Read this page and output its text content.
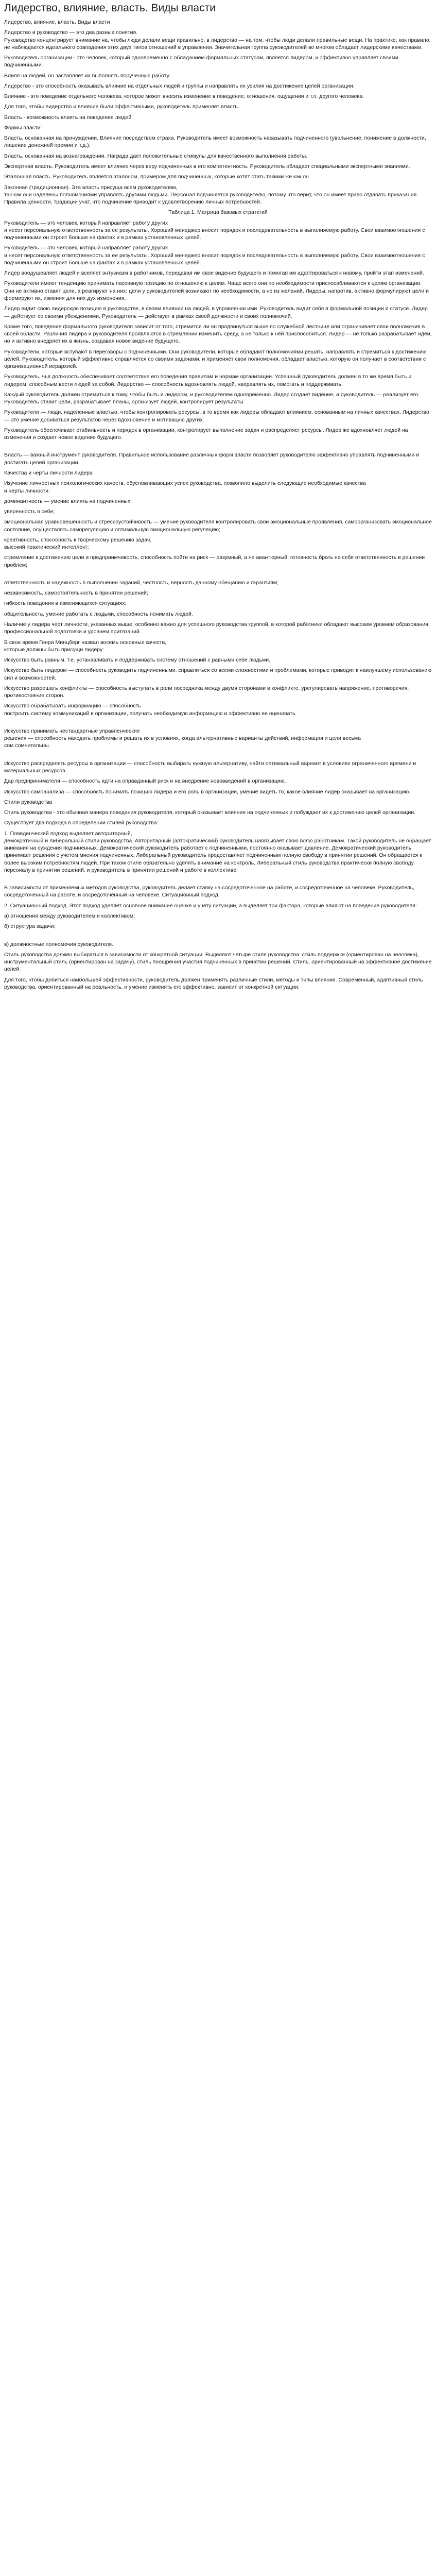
Лидерство, влияние, власть. Виды власти

Лидерство, влияние, власть. Виды власти

Лидерство и руководство — это два разных понятия.
Руководство концентрирует внимание на, чтобы люди делали вещи правильно, в лидерство — на том, чтобы люди делали правильные вещи. На практике, как правило, не наблюдается идеального совпадения этих двух типов отношений в управлении. Значительная группа руководителей во многом обладает лидерскими качествами.

Руководитель организации - это человек, который одновременно с обладанием формальных статусом, является лидером, и эффективно управляет своими подчиненными.

Влияя на людей, он заставляет их выполнять порученную работу.

Лидерство - это способность оказывать влияние на отдельных людей и группы и направлять их усилия на достижение целей организации.

Влияние - это поведение отдельного человека, которое может вносить изменение в поведение, отношения, ощущения и т.п. другого человека.

Для того, чтобы лидерство и влияние были эффективными, руководитель применяет власть.

Власть - возможность влиять на поведение людей.

Формы власти:

Власть, основанная на принуждении. Влияние посредством страха. Руководитель имеет возможность наказывать подчиненного (увольнение, понижение в должности, лишение денежной премии и т.д.).

Власть, основанная на вознаграждении. Награда дает положительные стимулы для качественного выполнения работы.

Экспертная власть. Руководитель имеет влияние через веру подчиненных в его компетентность. Руководитель обладает специальными экспертными знаниями.

Эталонная власть. Руководитель является эталоном, примером для подчиненных, которые хотят стать такими же как он.

Законная (традиционная). Эта власть присуща всем руководителям,
так как они наделены полномочиями управлять другими людьми. Персонал подчиняется руководителю, потому что верит, что он имеет право отдавать приказания. Правила ценности, традиции учат, что подчинение приводит к удовлетворению личных потребностей.

Таблица 1. Матрица базовых стратегий

Руководитель — это человек, который направляет работу других
и несет персональную ответственность за ее результаты. Хороший менеджер вносит порядок и последовательность в выполняемую работу. Свои взаимоотношения с подчиненными он строит больше на фактах и в рамках установленных целей.

Руководитель — это человек, который направляет работу других
и несет персональную ответственность за ее результаты. Хороший менеджер вносит порядок и последовательность в выполняемую работу. Свои взаимоотношения с подчиненными он строит больше на фактах и в рамках установленных целей.

Лидер воодушевляет людей и вселяет энтузиазм в работников, передавая им свое видение будущего и помогая им адаптироваться к новому, пройти этап изменений.

Руководители имеют тенденцию принимать пассивную позицию по отношению к целям. Чаще всего они по необходимости приспосабливаются к целям организации. Они не активно ставят цели, а реагируют на них: цели у руководителей возникают по необходимости, а не из желаний. Лидеры, напротив, активно формулируют цели и формируют их, изменяя для них дух изменения.

Лидер видит свою лидерскую позицию в руководстве, в своем влиянии на людей, в управлении ими. Руководитель видит себя в формальной позиции и статусе. Лидер — действует со своими убеждениями, Руководитель — действует в рамках своей должности и своих полномочий.

Кроме того, поведение формального руководителя зависит от того, стремится ли он продвинуться выше по служебной лестнице или ограничивает свои полномочия в своей области. Различия лидера и руководителя проявляются в стремлении изменить среду, а не только к ней приспособиться. Лидер — не только разрабатывает идеи, но и активно внедряет их в жизнь, создавая новое видение будущего.

Руководители, которые вступают в переговоры с подчиненными. Они руководители, которые обладают полномочиями решать, направлять и стремиться к достижению целей. Руководитель, который эффективно справляется со своими задачами, и применяет свои полномочия, обладает властью, которую он получает в соответствии с организационной иерархией.

Руководитель, чья должность обеспечивает соответствие его поведения правилам и нормам организации. Успешный руководитель должен в то же время быть и лидером, способным вести людей за собой. Лидерство — способность вдохновлять людей, направлять их, помогать и поддерживать.

Каждый руководитель должен стремиться к тому, чтобы быть и лидером, и руководителем одновременно. Лидер создает видение, а руководитель — реализует его. Руководитель ставит цели, разрабатывает планы, организует людей, контролирует результаты.

Руководители — люди, наделенные властью, чтобы контролировать ресурсы, в то время как лидеры обладают влиянием, основанным на личных качествах. Лидерство — это умение добиваться результатов через вдохновение и мотивацию других.

Руководитель обеспечивает стабильность и порядок в организации, контролирует выполнение задач и распределяет ресурсы. Лидер же вдохновляет людей на изменения и создает новое видение будущего.

Власть — важный инструмент руководителя. Правильное использование различных форм власти позволяет руководителю эффективно управлять подчиненными и достигать целей организации.

Качества и черты личности лидера

Изучение личностных психологических качеств, обусловливающих успех руководства, позволило выделить следующие необходимые качества
и черты личности:

доминантность — умение влиять на подчиненных;

уверенность в себе;

эмоциональная уравновешенность и стрессоустойчивость — умение руководителя контролировать свои эмоциональные проявления, самоорганизовать эмоциональное состояние, осуществлять саморегуляцию и оптимальную эмоциональную регуляцию;

креативность, способность к творческому решению задач,
высокий практический интеллект;

стремление к достижению цели и предприимчивость, способность пойти на риск — разумный, а не авантюрный, готовность брать на себя ответственность в решении проблем;

ответственность и надежность в выполнении заданий, честность, верность данному обещанию и гарантиям;

независимость, самостоятельность в принятии решений;

гибкость поведения в изменяющихся ситуациях;

общительность, умение работать с людьми, способность понимать людей.

Наличие у лидера черт личности, указанных выше, особенно важно для успешного руководства группой, в которой работники обладают высоким уровнем образования, профессиональной подготовки и уровнем притязаний.

В свое время Генри Минцберг назвал восемь основных качеств,
которые должны быть присущи лидеру:

Искусство быть равным, т.е. устанавливать и поддерживать систему отношений с равными себе людьми.

Искусство быть лидером — способность руководить подчиненными, справляться со всеми сложностями и проблемами, которые приводят к наилучшему использованию сил и возможностей.

Искусство разрешать конфликты — способность выступать в роли посредника между двумя сторонами в конфликте, урегулировать напряжение, противоречия, противостояние сторон.

Искусство обрабатывать информацию — способность
построить систему коммуникаций в организации, получать необходимую информацию и эффективно ее оценивать.

Искусство принимать нестандартные управленческие
решения — способность находить проблемы и решать их в условиях, когда альтернативные варианты действий, информация и цели весьма
сом сомнительны.

Искусство распределять ресурсы в организации — способность выбирать нужную альтернативу, найти оптимальный вариант в условиях ограниченного времени и материальных ресурсов.

Дар предпринимателя — способность идти на оправданный риск и на внедрение нововведений в организацию.

Искусство самоанализа — способность понимать позицию лидера и его роль в организации, умение видеть то, какое влияние лидер оказывает на организацию.

Стили руководства

Стиль руководства - это обычная манера поведения руководителя, который оказывает влияние на подчиненных и побуждает их к достижению целей организации.

Существует два подхода в определении стилей руководства:

1. Поведенческий подход выделяет авторитарный,
демократичный и либеральный стили руководства. Авторитарный (автократический) руководитель навязывает свою волю работникам. Такой руководитель не обращает внимания на суждения подчиненных. Демократический руководитель работает с подчиненными, постоянно оказывает давление. Демократический руководитель принимает решения с учетом мнения подчиненных. Либеральный руководитель предоставляет подчиненным полную свободу в принятии решений. Он обращается к более высоким потребностям людей. При таком стиле обязательно уделять внимание на контроль. Либеральный стиль руководства практически полную свободу персоналу в принятии решений, и руководитель в принятии решений и работе в коллективе.

В зависимости от применяемых методов руководства, руководитель делает ставку на сосредоточенное на работе, и сосредоточенное на человеке. Руководитель, сосредоточенный на работе, и сосредоточенный на человеке. Ситуационный подход.

2. Ситуационный подход. Этот подход уделяет основное внимание оценке и учету ситуации, а выделяет три фактора, которые влияют на поведение руководителя:

а) отношения между руководителем и коллективом;

б) структура задачи;

в) должностные полномочия руководителя.

Стиль руководства должен выбираться в зависимости от конкретной ситуации. Выделяют четыре стиля руководства: стиль поддержки (ориентирован на человека), инструментальный стиль (ориентирован на задачу), стиль поощрения участия подчиненных в принятии решений. Стиль, ориентированный на эффективное достижение целей.

Для того, чтобы добиться наибольшей эффективности, руководитель должен применять различные стили, методы и типы влияния. Современный, адаптивный стиль руководства, ориентированный на реальность, и умение изменять его эффективно, зависит от конкретной ситуации.
